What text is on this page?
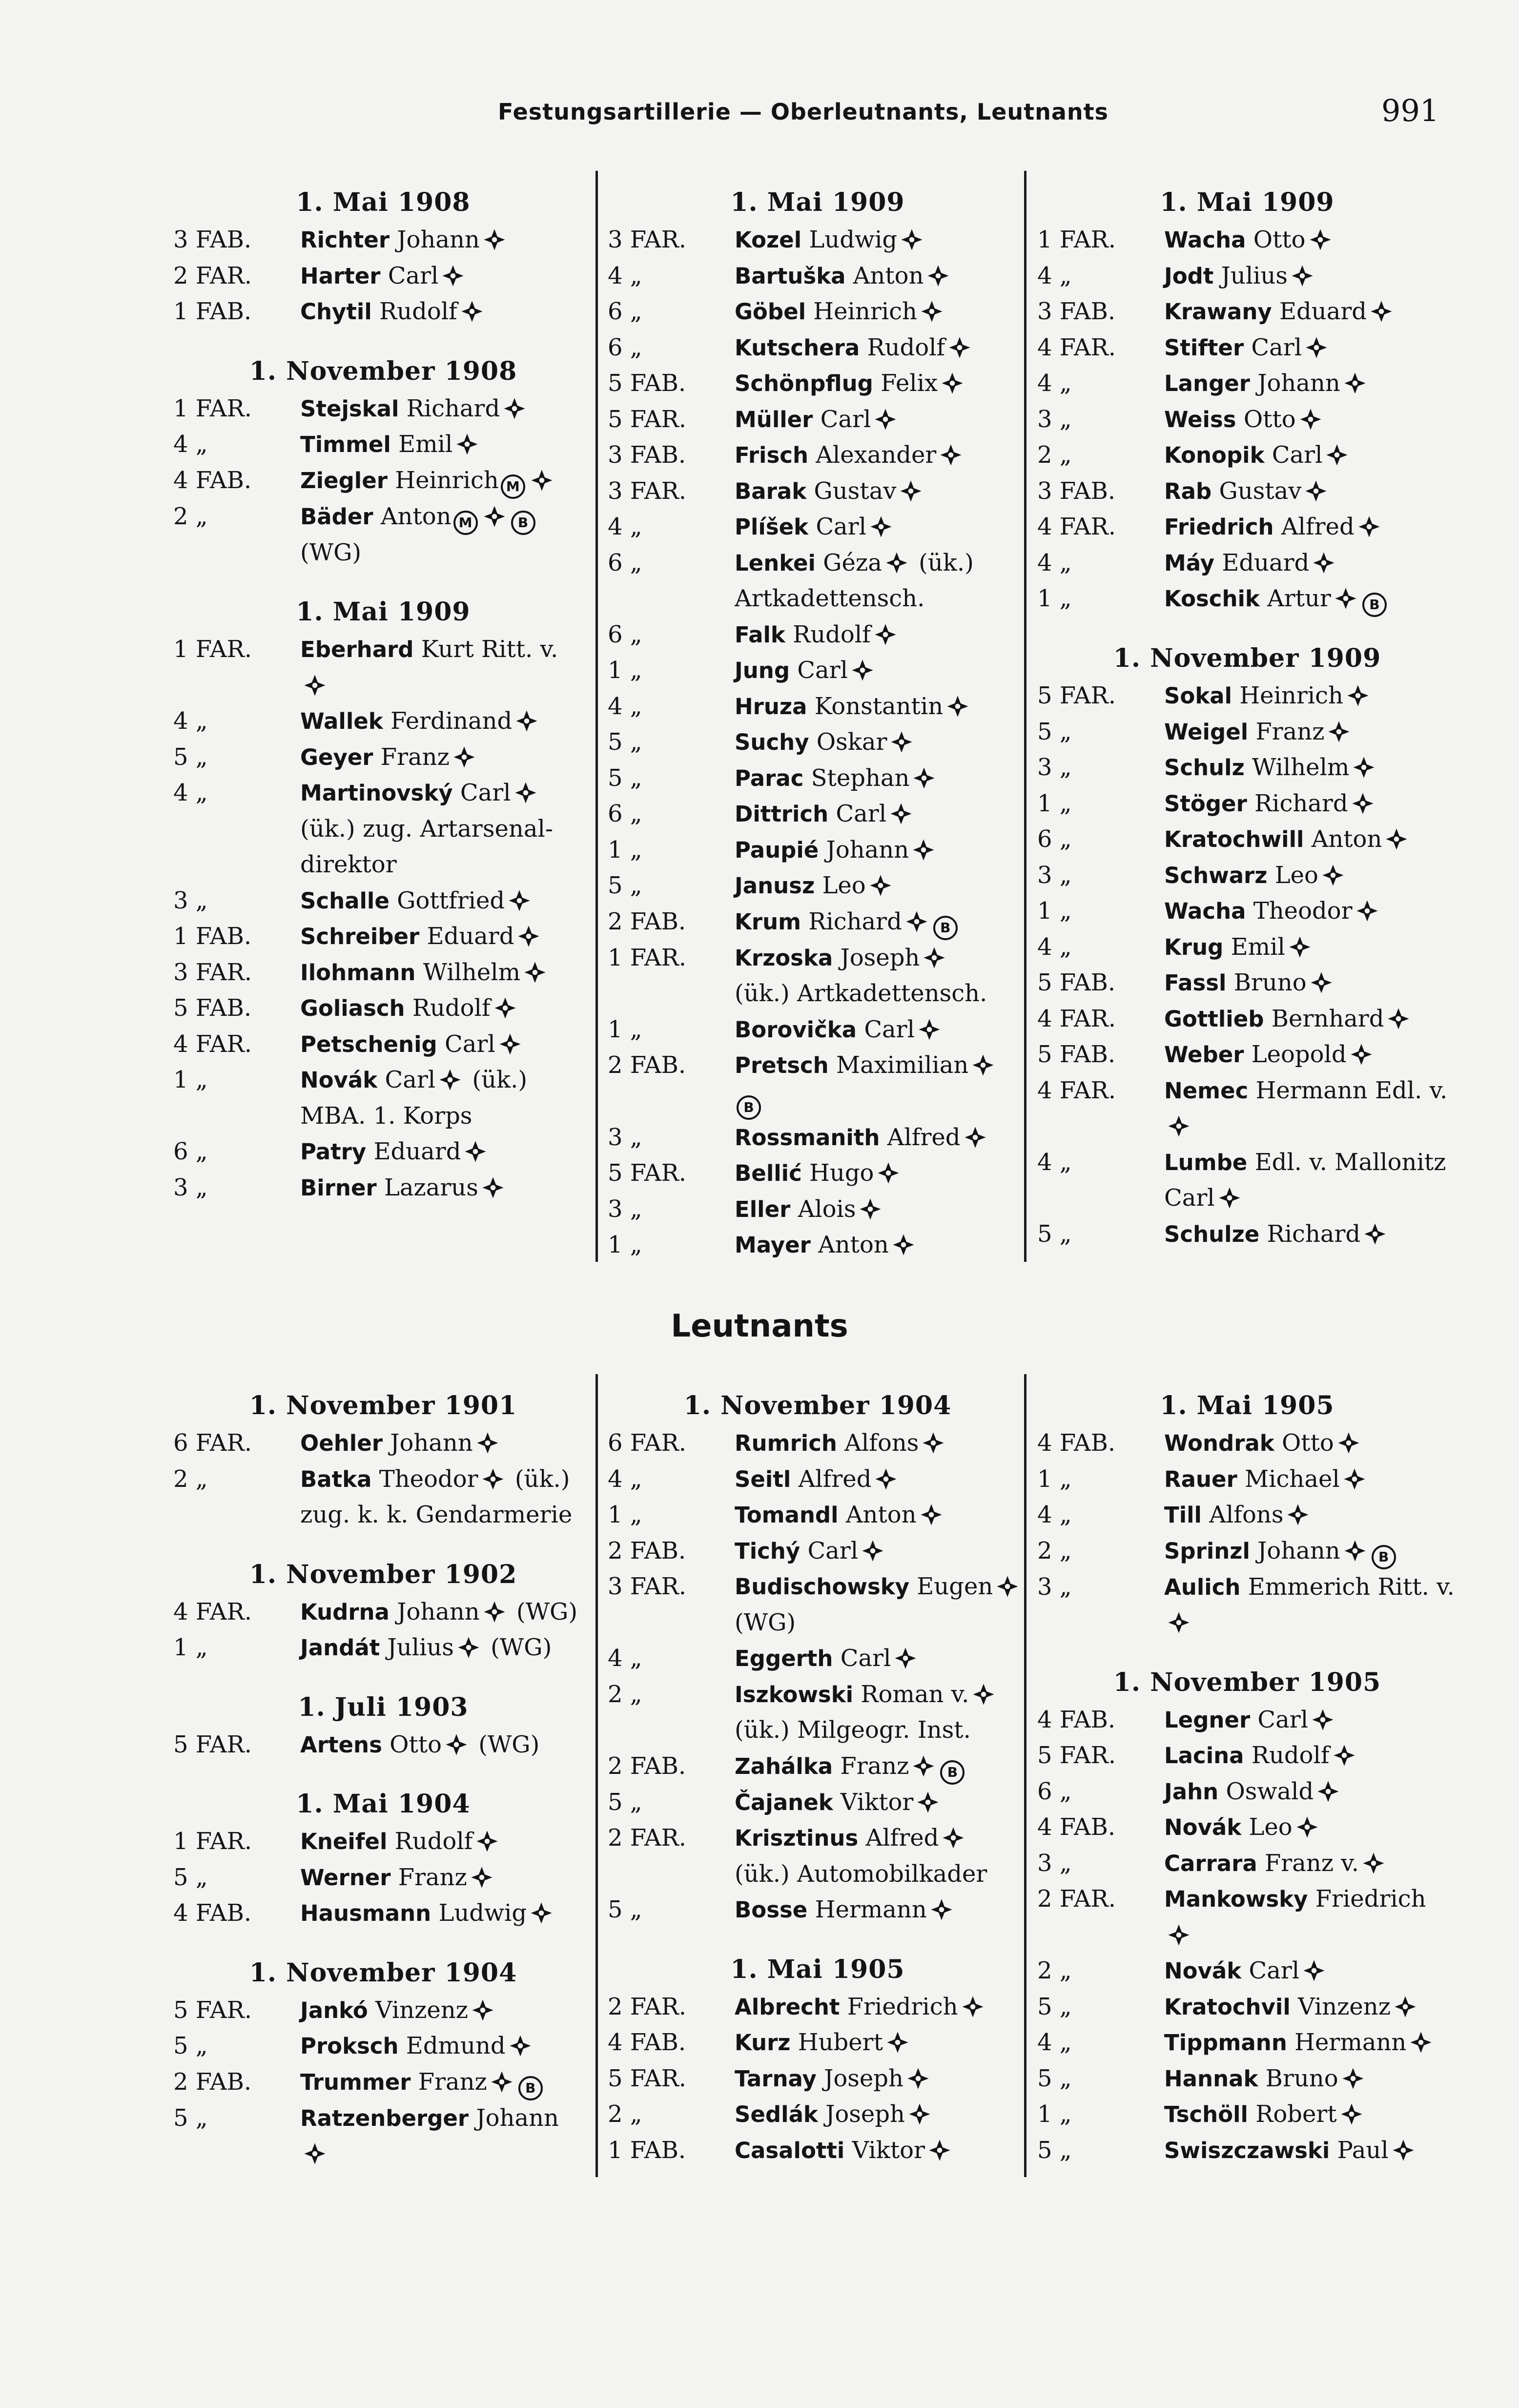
Festungsartillerie — Oberleutnants, Leutnants	991
1. Mai 1908
3 FAB. Richter Johann
2 FAR. Harter Carl
1 FAB. Chytil Rudolf
1. November 1908
1 FAR. Stejskal Richard
4 „	Timmel Emil
4 FAB. Ziegler Heinrich M
2 „	Bäder Anton M	B
(WG)
1. Mai 1909
1 FAR. Eberhard Kurt Ritt. v.

4 „	Wallek Ferdinand
5 „	Geyer Franz
4 „	Martinovský Carl
(ük.) zug. Artarsenal-direktor
3 „	Schalle Gottfried
1 FAB. Schreiber Eduard
3 FAR. Ilohmann Wilhelm
5 FAB. Goliasch Rudolf
4 FAR. Petschenig Carl
1 „	Novák Carl (ük.)
MBA. 1. Korps
6 „	Patry Eduard
3 „	Birner Lazarus
1. Mai 1909
3 FAR. Kozel Ludwig
4 „	Bartuška Anton
6 „	Göbel Heinrich
6 „	Kutschera Rudolf
5 FAB. Schönpflug Felix
5 FAR. Müller Carl
3 FAB. Frisch Alexander
3 FAR. Barak Gustav
4 „	Plíšek Carl
6 „	Lenkei Géza (ük.)
Artkadettensch.
6 „	Falk Rudolf
1 „	Jung Carl
4 „	Hruza Konstantin
5 „	Suchy Oskar
5 „	Parac Stephan
6 „	Dittrich Carl
1 „	Paupié Johann
5 „	Janusz Leo
2 FAB. Krum Richard	B
1 FAR. Krzoska Joseph
(ük.) Artkadettensch.
1 „	Borovička Carl
2 FAB. Pretsch Maximilian
B
3 „	Rossmanith Alfred
5 FAR. Bellić Hugo
3 „	Eller Alois
1 „	Mayer Anton
1. Mai 1909
1 FAR. Wacha Otto
4 „	Jodt Julius
3 FAB. Krawany Eduard
4 FAR. Stifter Carl
4 „	Langer Johann
3 „	Weiss Otto
2 „	Konopik Carl
3 FAB. Rab Gustav
4 FAR. Friedrich Alfred
4 „	Máy Eduard
1 „	Koschik Artur	B
1. November 1909
5 FAR. Sokal Heinrich
5 „	Weigel Franz
3 „	Schulz Wilhelm
1 „	Stöger Richard
6 „	Kratochwill Anton
3 „	Schwarz Leo
1 „	Wacha Theodor
4 „	Krug Emil
5 FAB. Fassl Bruno
4 FAR. Gottlieb Bernhard
5 FAB. Weber Leopold
4 FAR. Nemec Hermann Edl. v.

4 „	Lumbe Edl. v. Mallonitz Carl
5 „	Schulze Richard
Leutnants
1. November 1901
6 FAR. Oehler Johann
2 „	Batka Theodor (ük.)
zug. k. k. Gendarmerie
1. November 1902
4 FAR. Kudrna Johann (WG)
1 „	Jandát Julius (WG)
1. Juli 1903
5 FAR. Artens Otto (WG)
1. Mai 1904
1 FAR. Kneifel Rudolf
5 „	Werner Franz
4 FAB. Hausmann Ludwig
1. November 1904
5 FAR. Jankó Vinzenz
5 „	Proksch Edmund
2 FAB. Trummer Franz	B
5 „	Ratzenberger Johann

1. November 1904
6 FAR. Rumrich Alfons
4 „	Seitl Alfred
1 „	Tomandl Anton
2 FAB. Tichý Carl
3 FAR. Budischowsky Eugen
(WG)
4 „	Eggerth Carl
2 „	Iszkowski Roman v.
(ük.) Milgeogr. Inst.
2 FAB. Zahálka Franz	B
5 „	Čajanek Viktor
2 FAR. Krisztinus Alfred
(ük.) Automobilkader
5 „	Bosse Hermann
1. Mai 1905
2 FAR. Albrecht Friedrich
4 FAB. Kurz Hubert
5 FAR. Tarnay Joseph
2 „	Sedlák Joseph
1 FAB. Casalotti Viktor
1. Mai 1905
4 FAB. Wondrak Otto
1 „	Rauer Michael
4 „	Till Alfons
2 „	Sprinzl Johann	B
3 „	Aulich Emmerich Ritt. v.

1. November 1905
4 FAB. Legner Carl
5 FAR. Lacina Rudolf
6 „	Jahn Oswald
4 FAB. Novák Leo
3 „	Carrara Franz v.
2 FAR. Mankowsky Friedrich

2 „	Novák Carl
5 „	Kratochvil Vinzenz
4 „	Tippmann Hermann
5 „	Hannak Bruno
1 „	Tschöll Robert
5 „	Swiszczawski Paul
